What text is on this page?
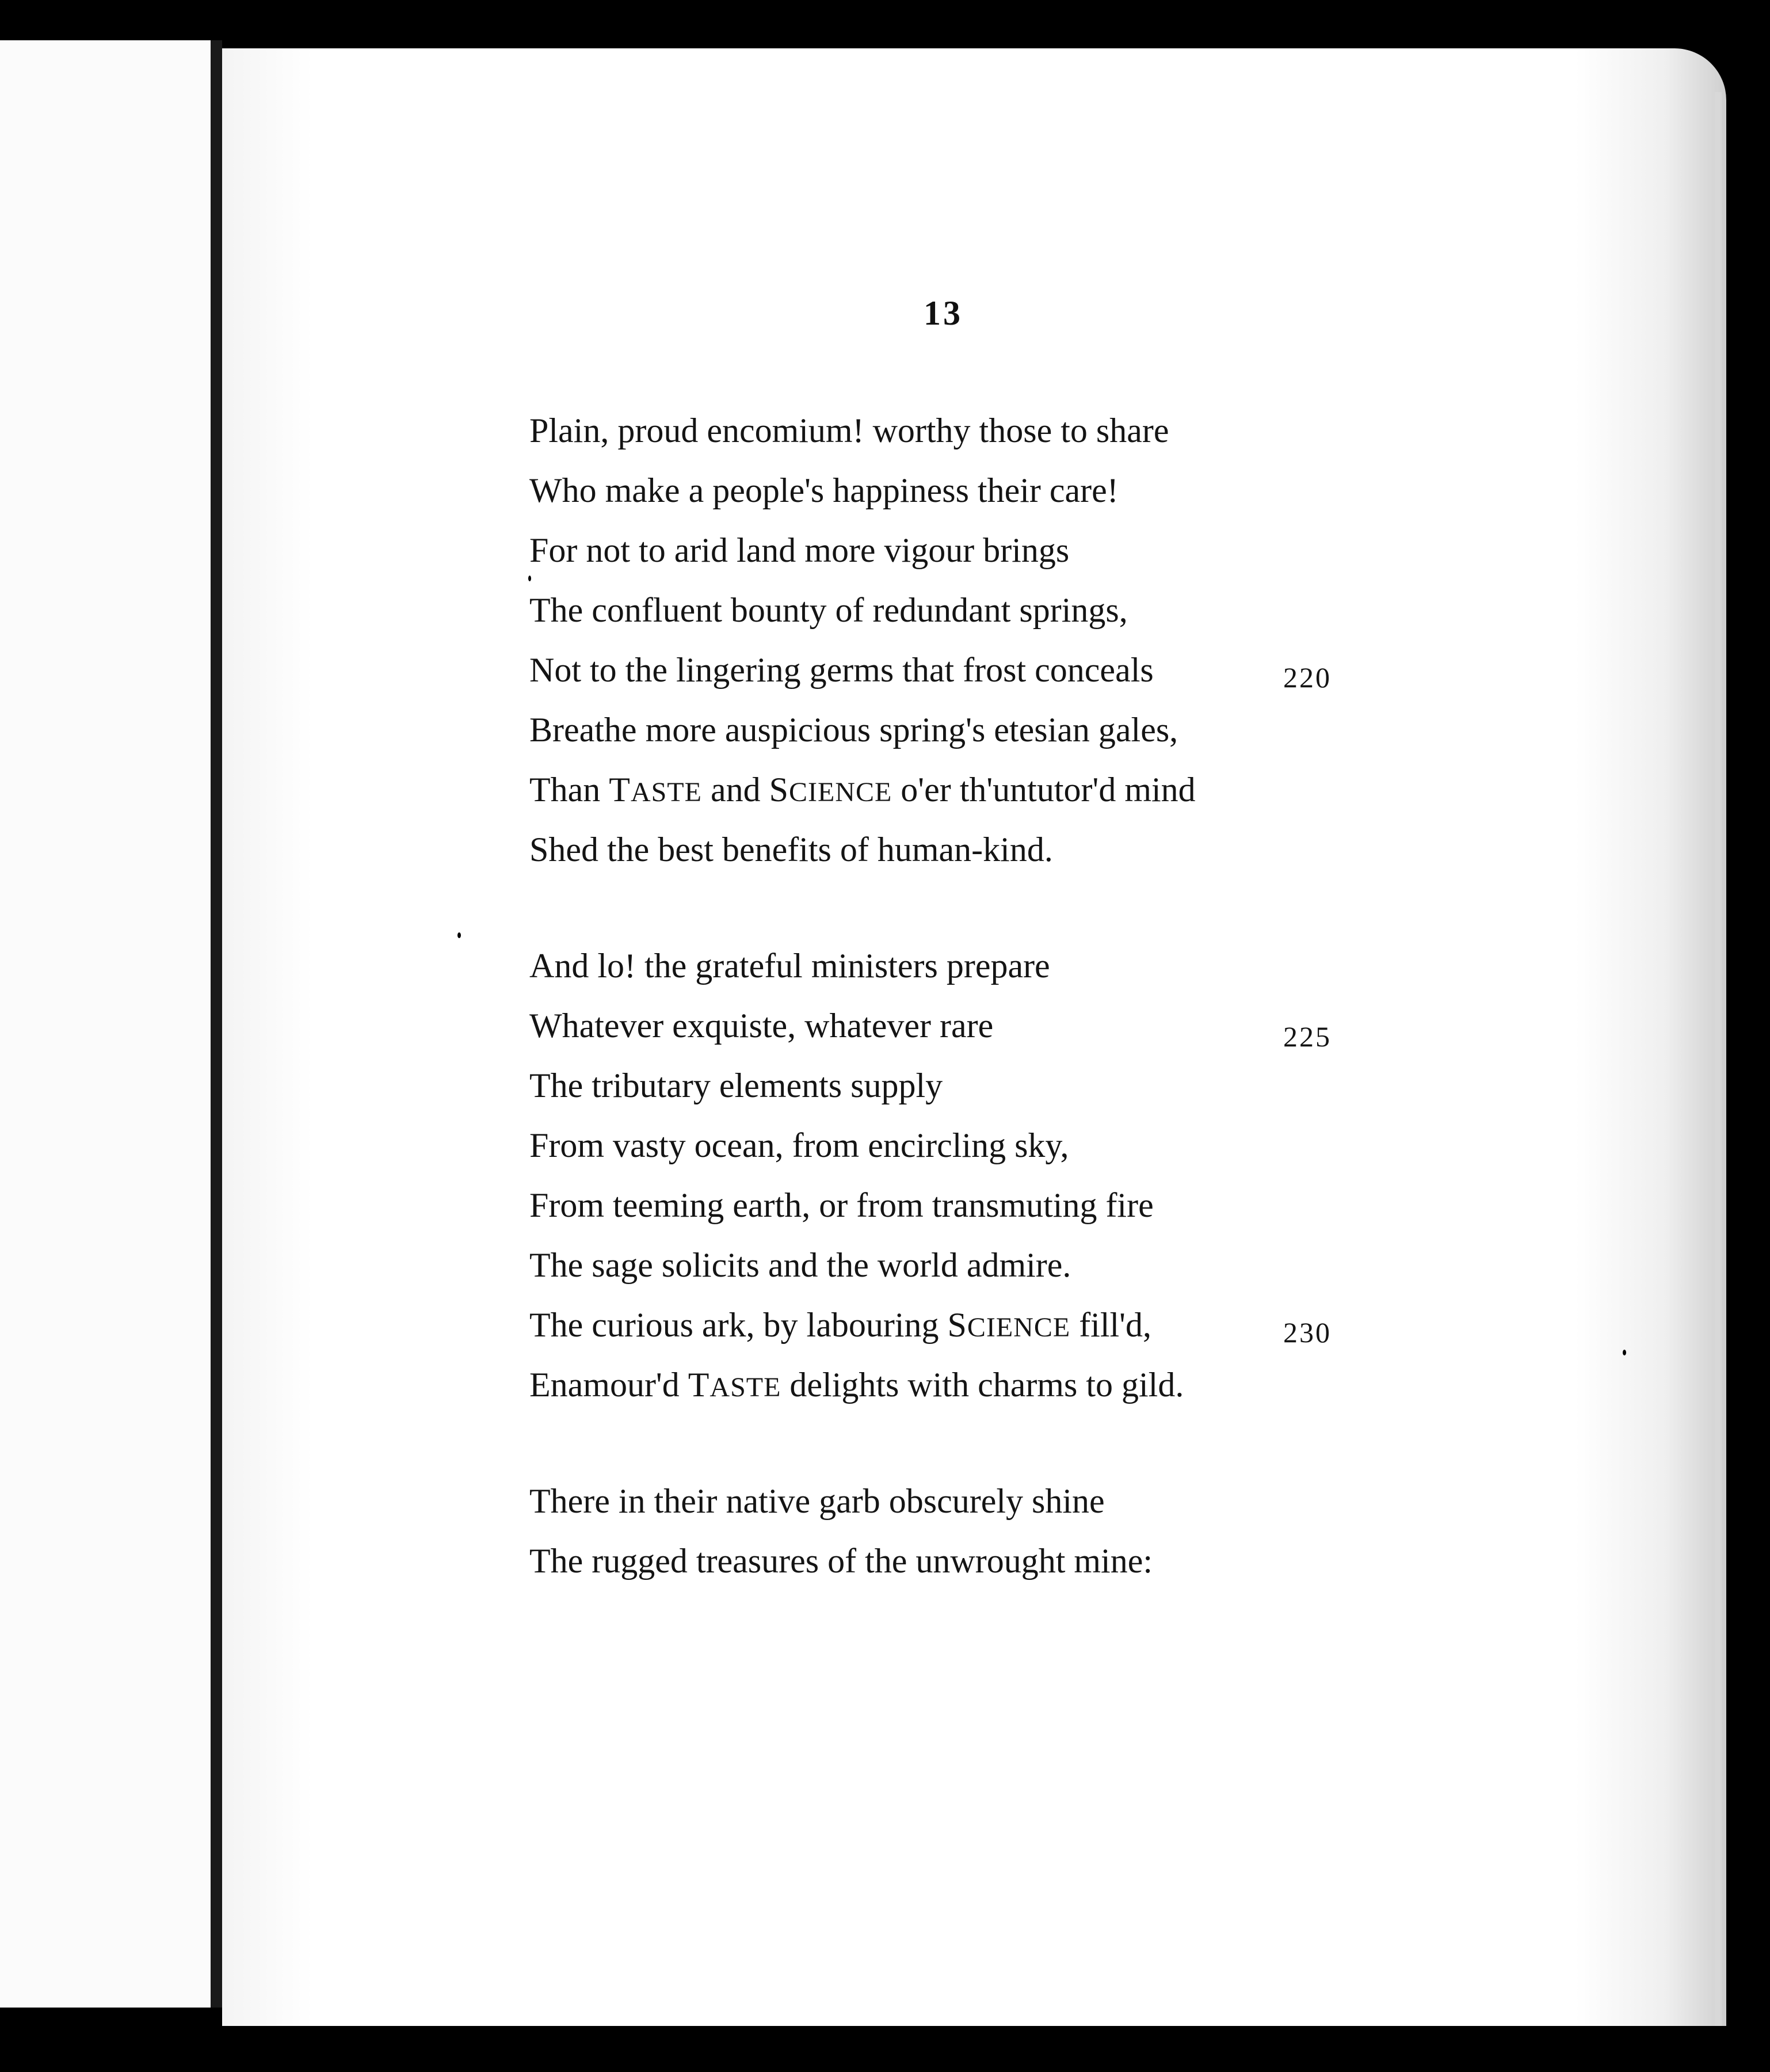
13
Plain, proud encomium! worthy those to share
Who make a people's happiness their care!
For not to arid land more vigour brings
The confluent bounty of redundant springs,
Not to the lingering germs that frost conceals	220
Breathe more auspicious spring's etesian gales,
Than TASTE and SCIENCE o'er th'untutor'd mind
Shed the best benefits of human-kind.
And lo! the grateful ministers prepare
Whatever exquiste, whatever rare	225
The tributary elements supply
From vasty ocean, from encircling sky,
From teeming earth, or from transmuting fire
The sage solicits and the world admire.
The curious ark, by labouring SCIENCE fill'd,	230
Enamour'd TASTE delights with charms to gild.
There in their native garb obscurely shine
The rugged treasures of the unwrought mine:
